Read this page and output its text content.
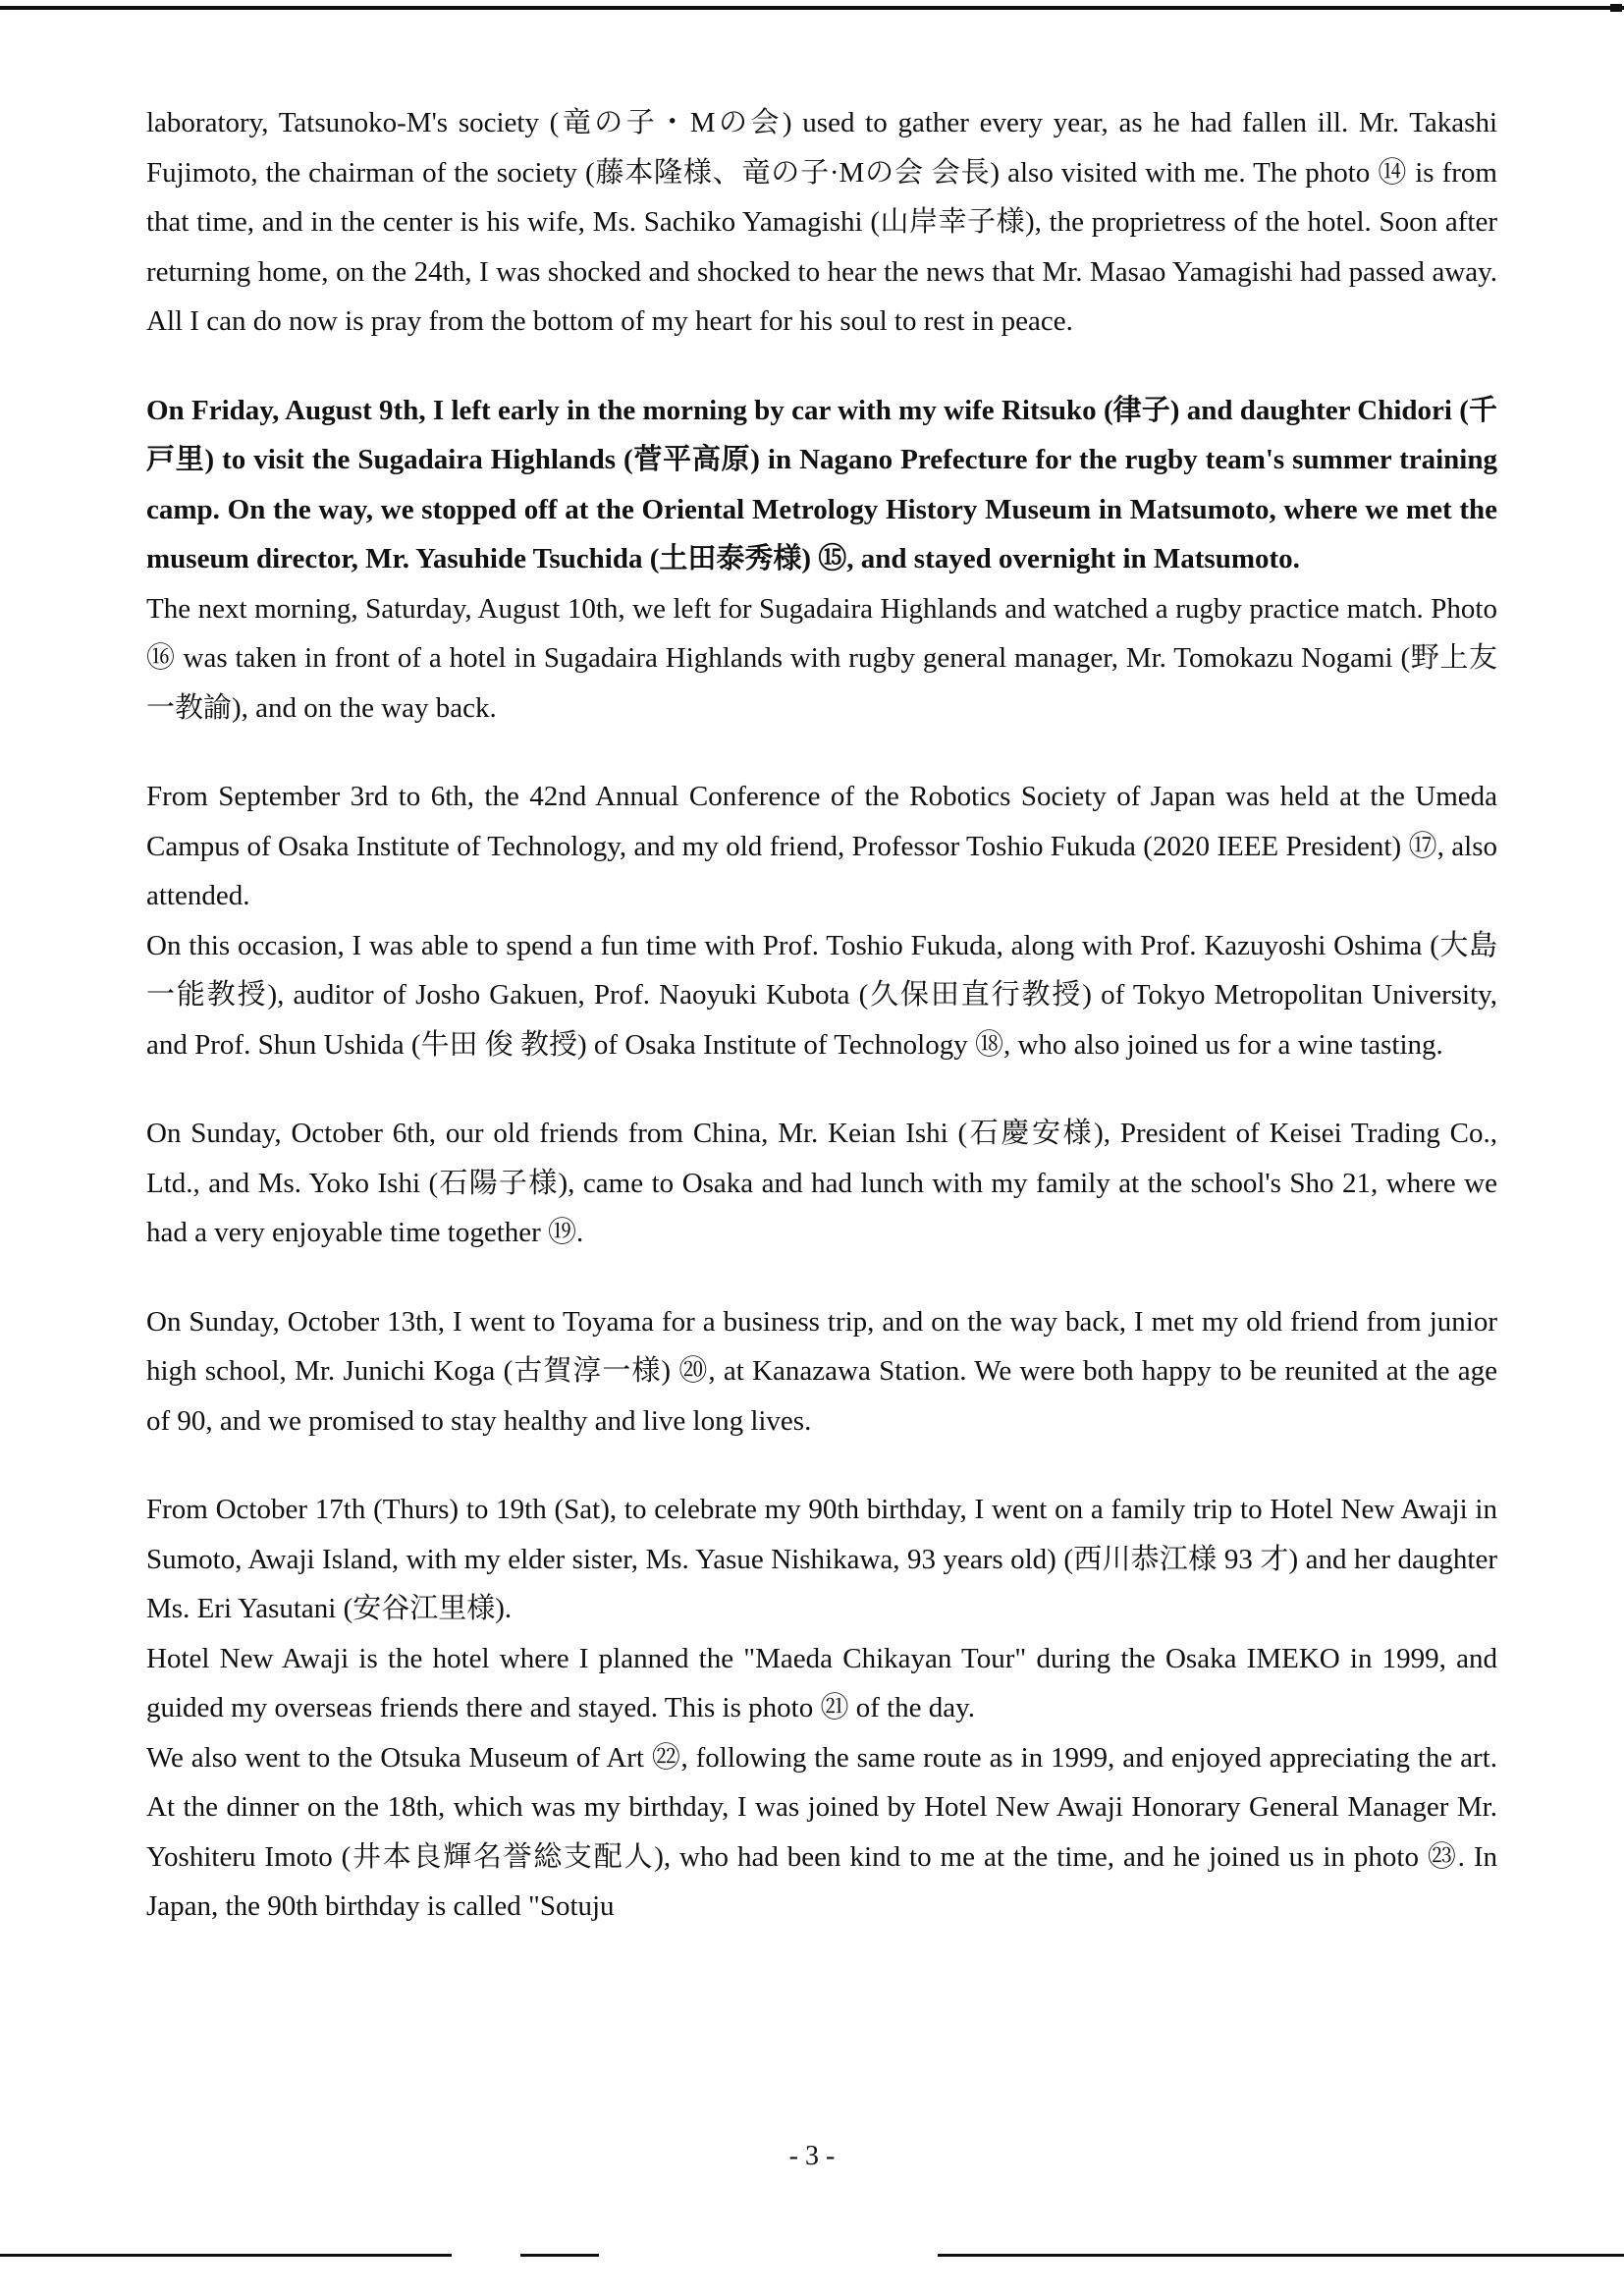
laboratory, Tatsunoko-M's society (竜の子・Mの会) used to gather every year, as he had fallen ill. Mr. Takashi Fujimoto, the chairman of the society (藤本隆様、竜の子·Mの会 会長) also visited with me. The photo ⑭ is from that time, and in the center is his wife, Ms. Sachiko Yamagishi (山岸幸子様), the proprietress of the hotel. Soon after returning home, on the 24th, I was shocked and shocked to hear the news that Mr. Masao Yamagishi had passed away. All I can do now is pray from the bottom of my heart for his soul to rest in peace.

On Friday, August 9th, I left early in the morning by car with my wife Ritsuko (律子) and daughter Chidori (千戸里) to visit the Sugadaira Highlands (菅平高原) in Nagano Prefecture for the rugby team's summer training camp. On the way, we stopped off at the Oriental Metrology History Museum in Matsumoto, where we met the museum director, Mr. Yasuhide Tsuchida (土田泰秀様) ⑮, and stayed overnight in Matsumoto.

The next morning, Saturday, August 10th, we left for Sugadaira Highlands and watched a rugby practice match. Photo ⑯ was taken in front of a hotel in Sugadaira Highlands with rugby general manager, Mr. Tomokazu Nogami (野上友一教諭), and on the way back.

From September 3rd to 6th, the 42nd Annual Conference of the Robotics Society of Japan was held at the Umeda Campus of Osaka Institute of Technology, and my old friend, Professor Toshio Fukuda (2020 IEEE President) ⑰, also attended.

On this occasion, I was able to spend a fun time with Prof. Toshio Fukuda, along with Prof. Kazuyoshi Oshima (大島一能教授), auditor of Josho Gakuen, Prof. Naoyuki Kubota (久保田直行教授) of Tokyo Metropolitan University, and Prof. Shun Ushida (牛田 俊 教授) of Osaka Institute of Technology ⑱, who also joined us for a wine tasting.

On Sunday, October 6th, our old friends from China, Mr. Keian Ishi (石慶安様), President of Keisei Trading Co., Ltd., and Ms. Yoko Ishi (石陽子様), came to Osaka and had lunch with my family at the school's Sho 21, where we had a very enjoyable time together ⑲.

On Sunday, October 13th, I went to Toyama for a business trip, and on the way back, I met my old friend from junior high school, Mr. Junichi Koga (古賀淳一様) ⑳, at Kanazawa Station. We were both happy to be reunited at the age of 90, and we promised to stay healthy and live long lives.

From October 17th (Thurs) to 19th (Sat), to celebrate my 90th birthday, I went on a family trip to Hotel New Awaji in Sumoto, Awaji Island, with my elder sister, Ms. Yasue Nishikawa, 93 years old) (西川恭江様 93 才) and her daughter Ms. Eri Yasutani (安谷江里様).

Hotel New Awaji is the hotel where I planned the "Maeda Chikayan Tour" during the Osaka IMEKO in 1999, and guided my overseas friends there and stayed. This is photo ㉑ of the day.

We also went to the Otsuka Museum of Art ㉒, following the same route as in 1999, and enjoyed appreciating the art. At the dinner on the 18th, which was my birthday, I was joined by Hotel New Awaji Honorary General Manager Mr. Yoshiteru Imoto (井本良輝名誉総支配人), who had been kind to me at the time, and he joined us in photo ㉓. In Japan, the 90th birthday is called "Sotuju

- 3 -
